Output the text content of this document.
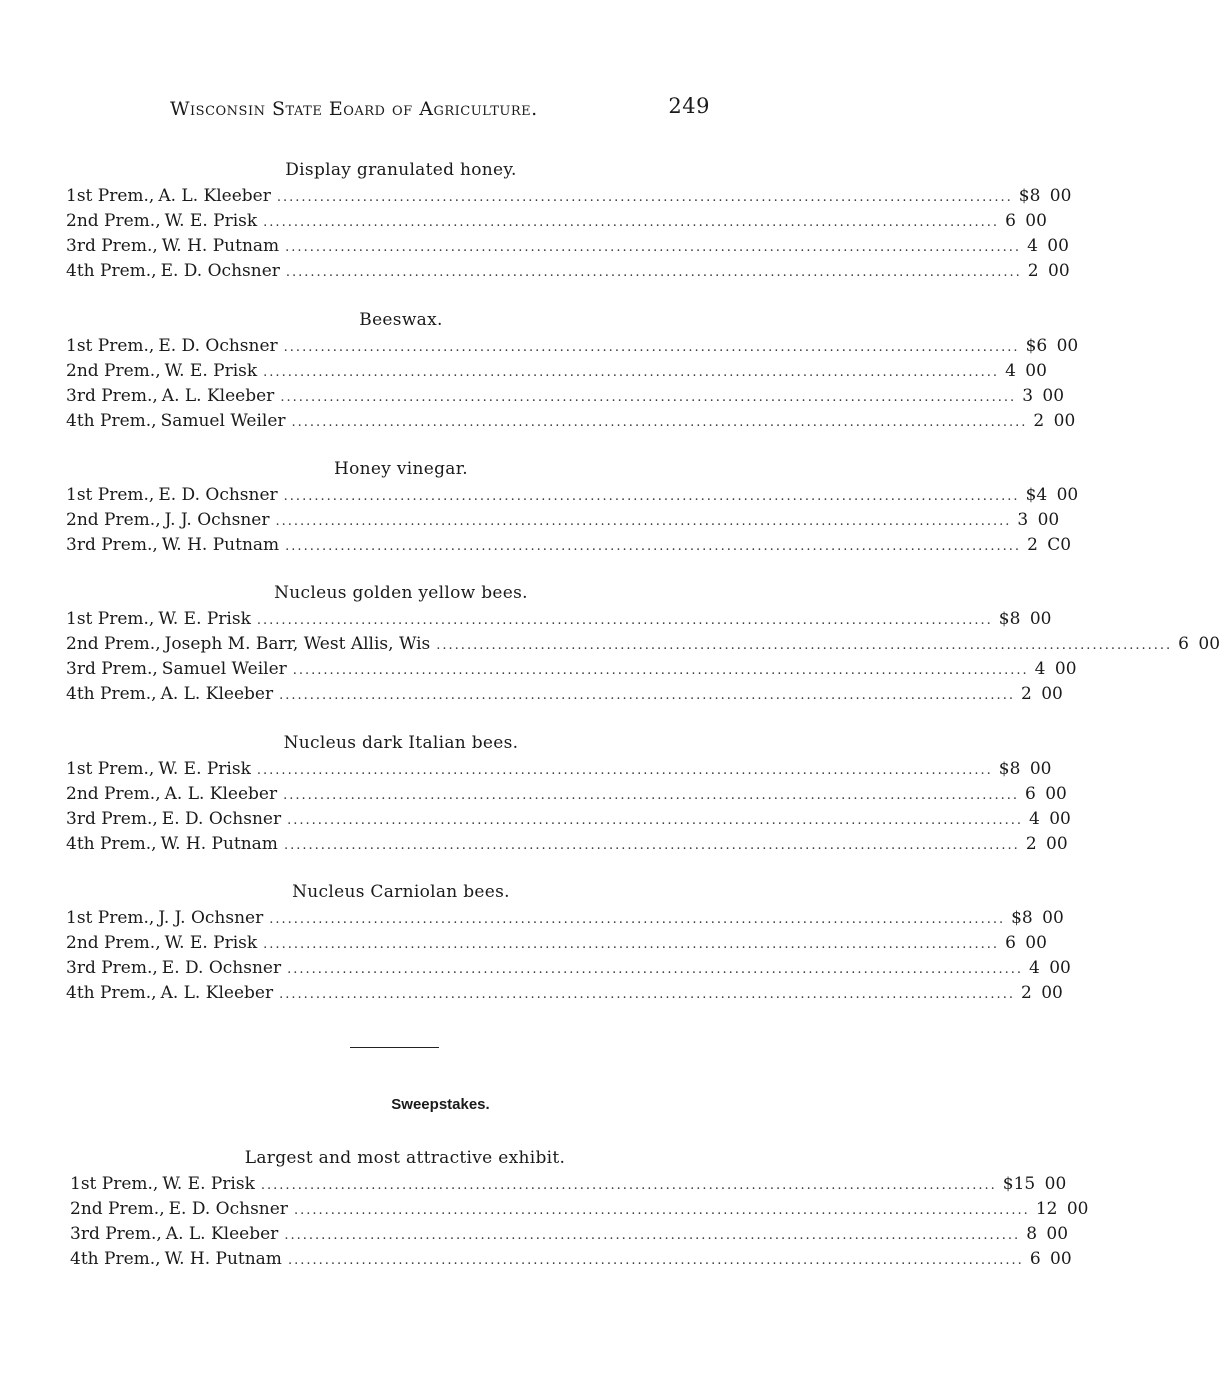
Wisconsin State Eoard of Agriculture.	249
Display granulated honey.
1st Prem., A. L. Kleeber ........................................................................................................................ $8 00
2nd Prem., W. E. Prisk ........................................................................................................................ 6 00
3rd Prem., W. H. Putnam ........................................................................................................................ 4 00
4th Prem., E. D. Ochsner ........................................................................................................................ 2 00
Beeswax.
1st Prem., E. D. Ochsner ........................................................................................................................ $6 00
2nd Prem., W. E. Prisk ........................................................................................................................ 4 00
3rd Prem., A. L. Kleeber ........................................................................................................................ 3 00
4th Prem., Samuel Weiler ........................................................................................................................ 2 00
Honey vinegar.
1st Prem., E. D. Ochsner ........................................................................................................................ $4 00
2nd Prem., J. J. Ochsner ........................................................................................................................ 3 00
3rd Prem., W. H. Putnam ........................................................................................................................ 2 C0
Nucleus golden yellow bees.
1st Prem., W. E. Prisk ........................................................................................................................ $8 00
2nd Prem., Joseph M. Barr, West Allis, Wis ........................................................................................................................ 6 00
3rd Prem., Samuel Weiler ........................................................................................................................ 4 00
4th Prem., A. L. Kleeber ........................................................................................................................ 2 00
Nucleus dark Italian bees.
1st Prem., W. E. Prisk ........................................................................................................................ $8 00
2nd Prem., A. L. Kleeber ........................................................................................................................ 6 00
3rd Prem., E. D. Ochsner ........................................................................................................................ 4 00
4th Prem., W. H. Putnam ........................................................................................................................ 2 00
Nucleus Carniolan bees.
1st Prem., J. J. Ochsner ........................................................................................................................ $8 00
2nd Prem., W. E. Prisk ........................................................................................................................ 6 00
3rd Prem., E. D. Ochsner ........................................................................................................................ 4 00
4th Prem., A. L. Kleeber ........................................................................................................................ 2 00
Sweepstakes.
Largest and most attractive exhibit.
1st Prem., W. E. Prisk ........................................................................................................................ $15 00
2nd Prem., E. D. Ochsner ........................................................................................................................ 12 00
3rd Prem., A. L. Kleeber ........................................................................................................................ 8 00
4th Prem., W. H. Putnam ........................................................................................................................ 6 00
